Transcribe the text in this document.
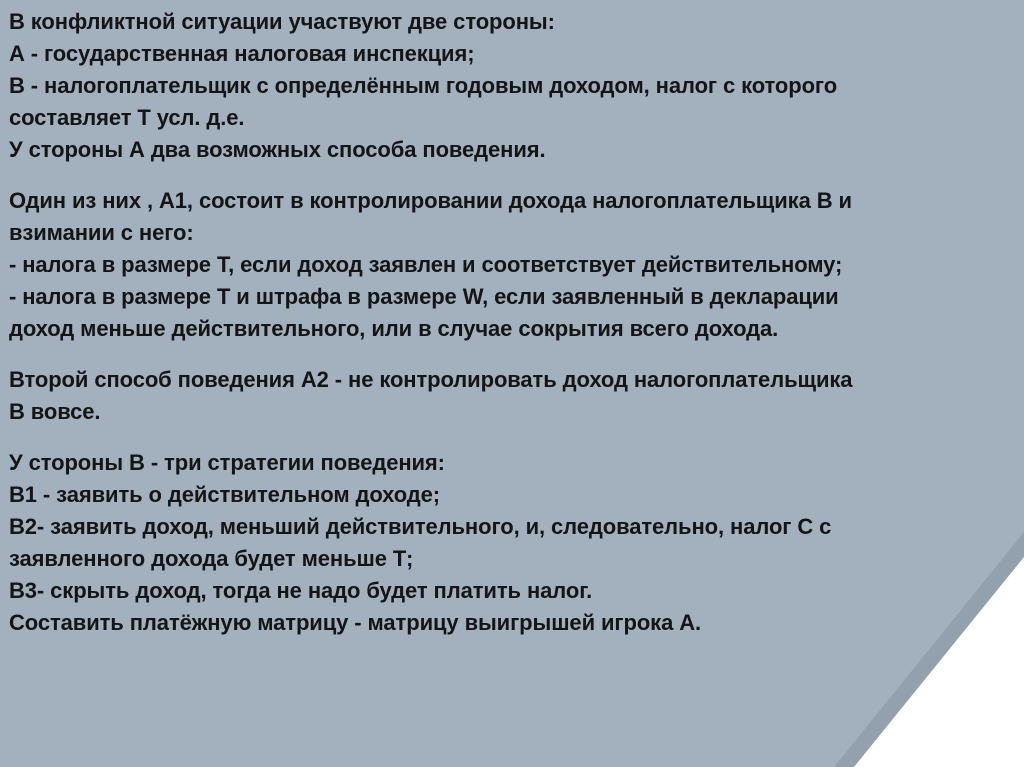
В конфликтной ситуации участвуют две стороны:
А - государственная налоговая инспекция;
В - налогоплательщик с определённым годовым доходом, налог с которого
составляет Т усл. д.е.
У стороны А два возможных способа поведения.
Один из них , А1, состоит в контролировании дохода налогоплательщика В и
взимании с него:
- налога в размере Т, если доход заявлен и соответствует действительному;
- налога в размере Т и штрафа в размере W, если заявленный в декларации
доход меньше действительного, или в случае сокрытия всего дохода.
Второй способ поведения А2 - не контролировать доход налогоплательщика
В вовсе.
У стороны В - три стратегии поведения:
В1 - заявить о действительном доходе;
В2- заявить доход, меньший действительного, и, следовательно, налог С с
заявленного дохода будет меньше Т;
В3- скрыть доход, тогда не надо будет платить налог.
Составить платёжную матрицу - матрицу выигрышей игрока А.
